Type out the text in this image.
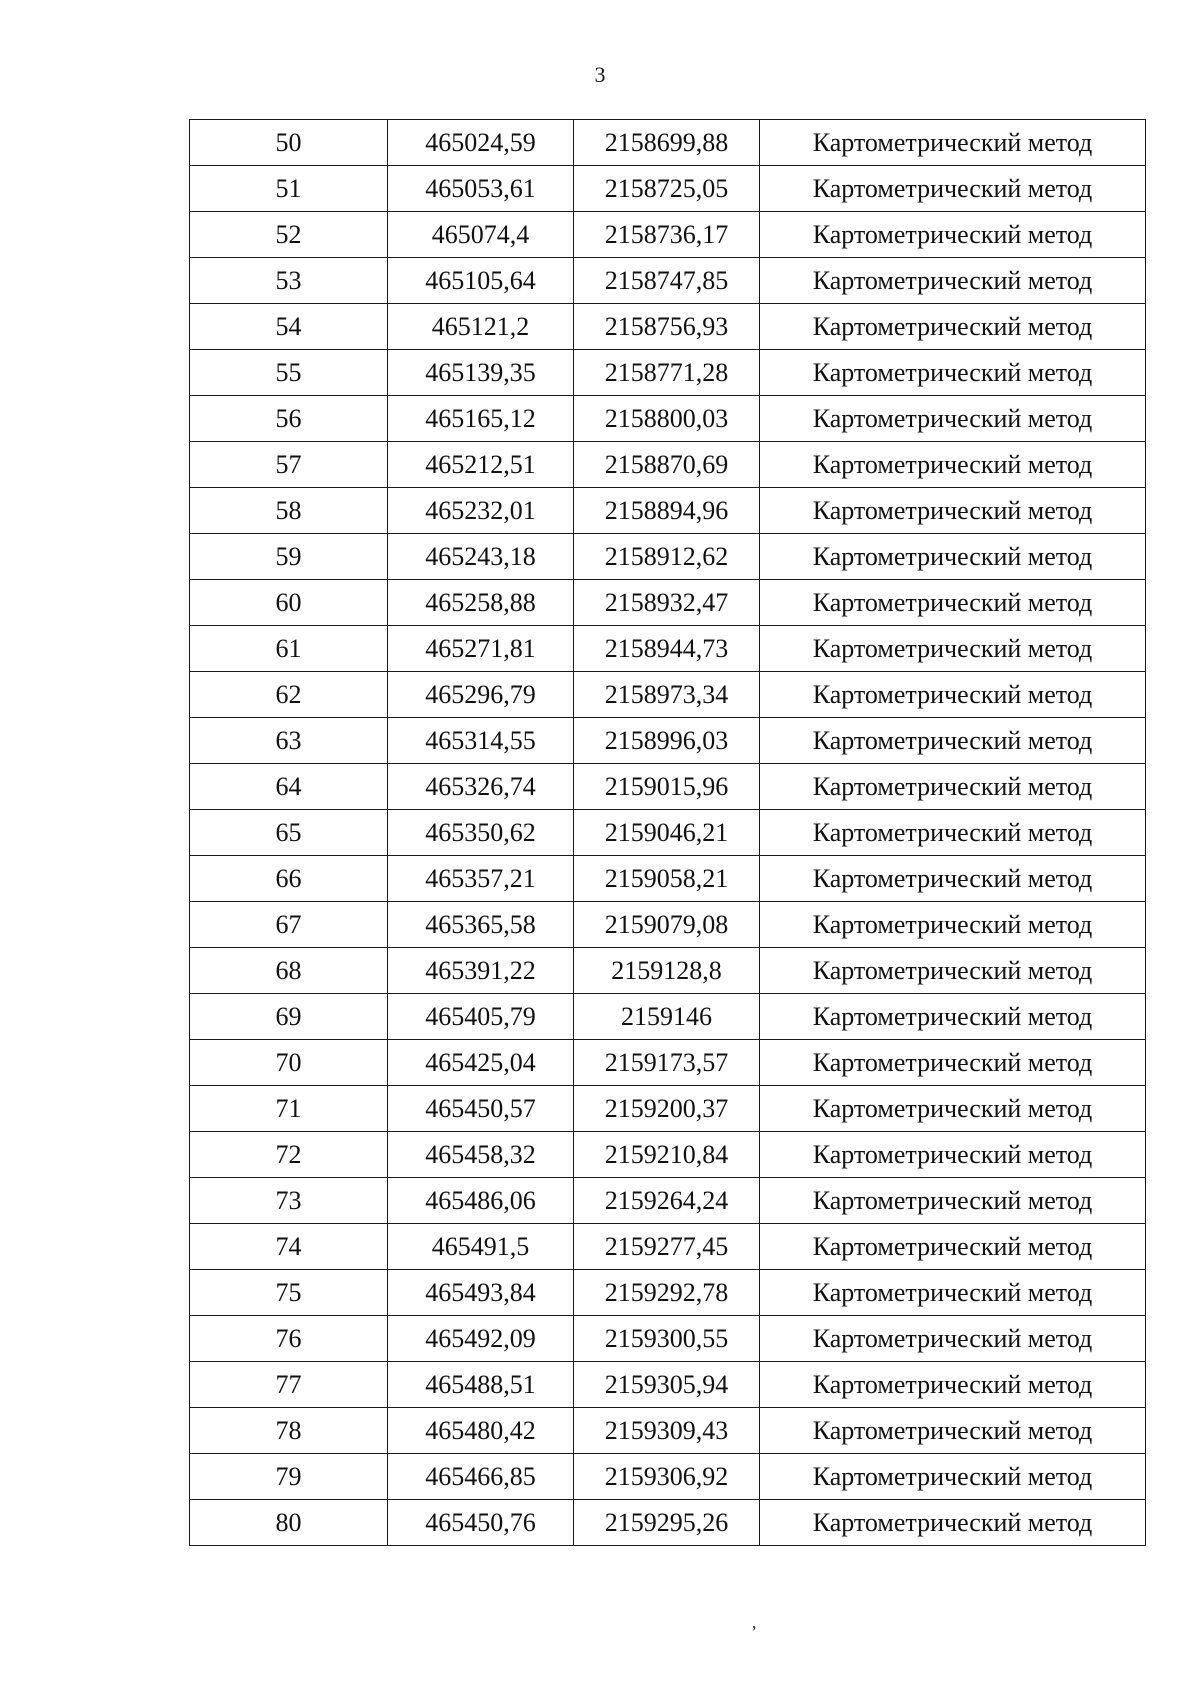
3
50	465024,59	2158699,88	Картометрический метод
51	465053,61	2158725,05	Картометрический метод
52	465074,4	2158736,17	Картометрический метод
53	465105,64	2158747,85	Картометрический метод
54	465121,2	2158756,93	Картометрический метод
55	465139,35	2158771,28	Картометрический метод
56	465165,12	2158800,03	Картометрический метод
57	465212,51	2158870,69	Картометрический метод
58	465232,01	2158894,96	Картометрический метод
59	465243,18	2158912,62	Картометрический метод
60	465258,88	2158932,47	Картометрический метод
61	465271,81	2158944,73	Картометрический метод
62	465296,79	2158973,34	Картометрический метод
63	465314,55	2158996,03	Картометрический метод
64	465326,74	2159015,96	Картометрический метод
65	465350,62	2159046,21	Картометрический метод
66	465357,21	2159058,21	Картометрический метод
67	465365,58	2159079,08	Картометрический метод
68	465391,22	2159128,8	Картометрический метод
69	465405,79	2159146	Картометрический метод
70	465425,04	2159173,57	Картометрический метод
71	465450,57	2159200,37	Картометрический метод
72	465458,32	2159210,84	Картометрический метод
73	465486,06	2159264,24	Картометрический метод
74	465491,5	2159277,45	Картометрический метод
75	465493,84	2159292,78	Картометрический метод
76	465492,09	2159300,55	Картометрический метод
77	465488,51	2159305,94	Картометрический метод
78	465480,42	2159309,43	Картометрический метод
79	465466,85	2159306,92	Картометрический метод
80	465450,76	2159295,26	Картометрический метод
,
